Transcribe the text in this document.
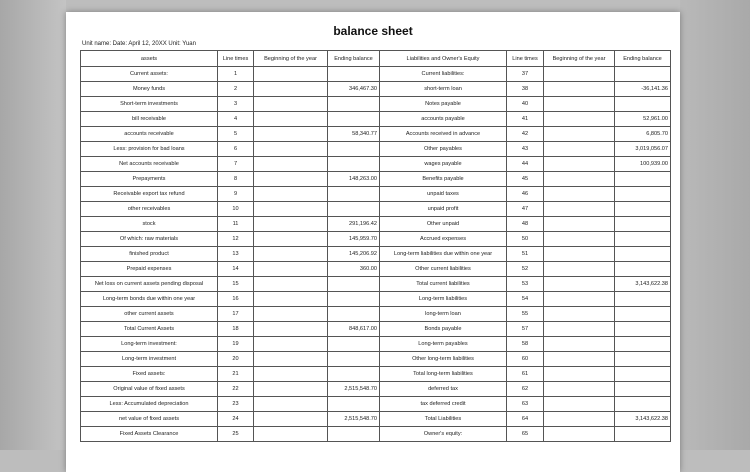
balance sheet
Unit name: Date: April 12, 20XX Unit: Yuan
assets	Line times	Beginning of the year	Ending balance	Liabilities and Owner's Equity	Line times	Beginning of the year	Ending balance
Current assets:	1			Current liabilities:	37		
Money funds	2		346,467.30	short-term loan	38		-36,141.36
Short-term investments	3			Notes payable	40		
bill receivable	4			accounts payable	41		52,961.00
accounts receivable	5		58,340.77	Accounts received in advance	42		6,805.70
Less: provision for bad loans	6			Other payables	43		3,019,056.07
Net accounts receivable	7			wages payable	44		100,939.00
Prepayments	8		148,263.00	Benefits payable	45		
Receivable export tax refund	9			unpaid taxes	46		
other receivables	10			unpaid profit	47		
stock	11		291,196.42	Other unpaid	48		
Of which: raw materials	12		145,959.70	Accrued expenses	50		
finished product	13		145,206.92	Long-term liabilities due within one year	51		
Prepaid expenses	14		360.00	Other current liabilities	52		
Net loss on current assets pending disposal	15			Total current liabilities	53		3,143,622.38
Long-term bonds due within one year	16			Long-term liabilities	54		
other current assets	17			long-term loan	55		
Total Current Assets	18		848,617.00	Bonds payable	57		
Long-term investment:	19			Long-term payables	58		
Long-term investment	20			Other long-term liabilities	60		
Fixed assets:	21			Total long-term liabilities	61		
Original value of fixed assets	22		2,515,548.70	deferred tax	62		
Less: Accumulated depreciation	23			tax deferred credit	63		
net value of fixed assets	24		2,515,548.70	Total Liabilities	64		3,143,622.38
Fixed Assets Clearance	25			Owner's equity:	65		
